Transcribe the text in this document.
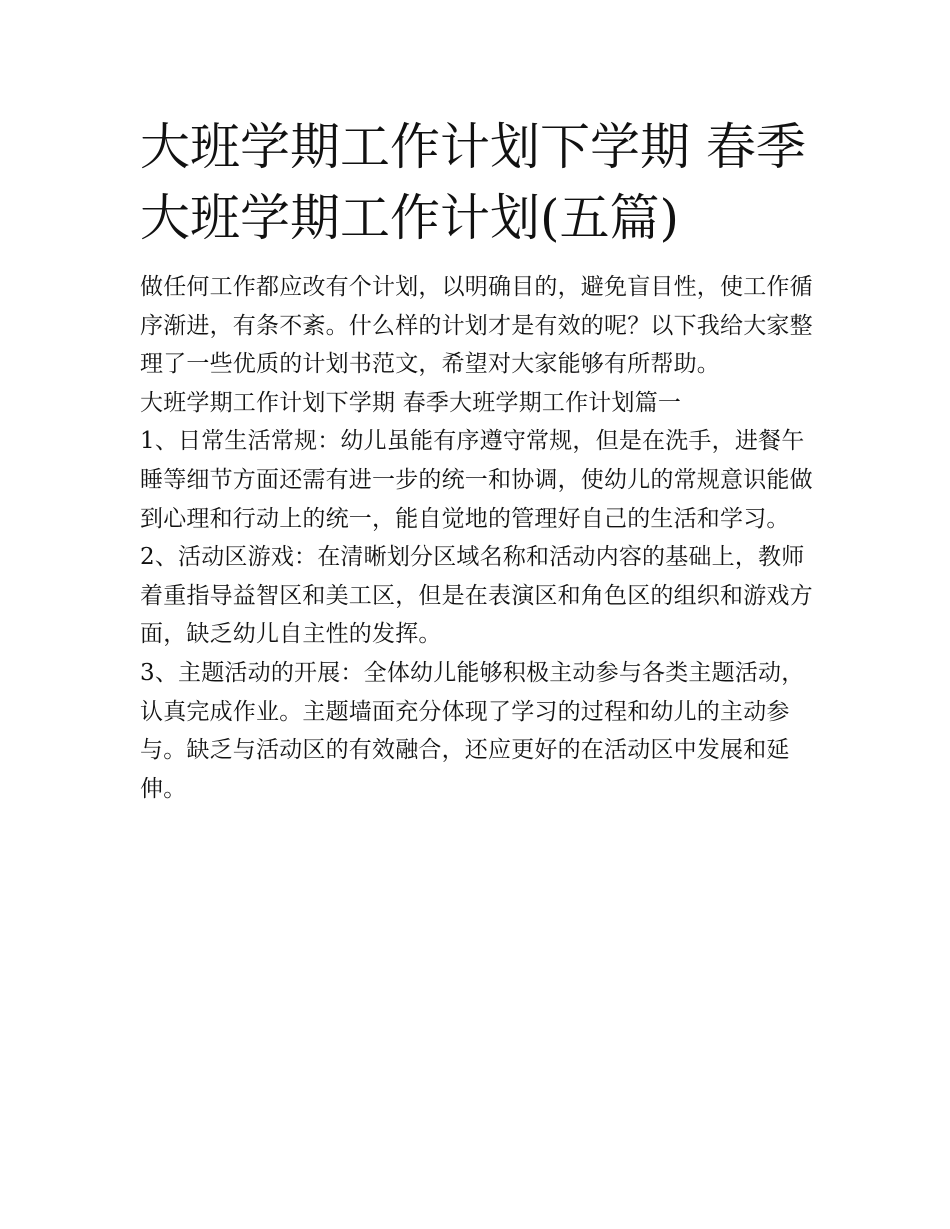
大班学期工作计划下学期 春季大班学期工作计划(五篇)

做任何工作都应改有个计划，以明确目的，避免盲目性，使工作循序渐进，有条不紊。什么样的计划才是有效的呢？以下我给大家整理了一些优质的计划书范文，希望对大家能够有所帮助。

大班学期工作计划下学期 春季大班学期工作计划篇一

1、日常生活常规：幼儿虽能有序遵守常规，但是在洗手，进餐午睡等细节方面还需有进一步的统一和协调，使幼儿的常规意识能做到心理和行动上的统一，能自觉地的管理好自己的生活和学习。

2、活动区游戏：在清晰划分区域名称和活动内容的基础上，教师着重指导益智区和美工区，但是在表演区和角色区的组织和游戏方面，缺乏幼儿自主性的发挥。

3、主题活动的开展：全体幼儿能够积极主动参与各类主题活动，认真完成作业。主题墙面充分体现了学习的过程和幼儿的主动参与。缺乏与活动区的有效融合，还应更好的在活动区中发展和延伸。
